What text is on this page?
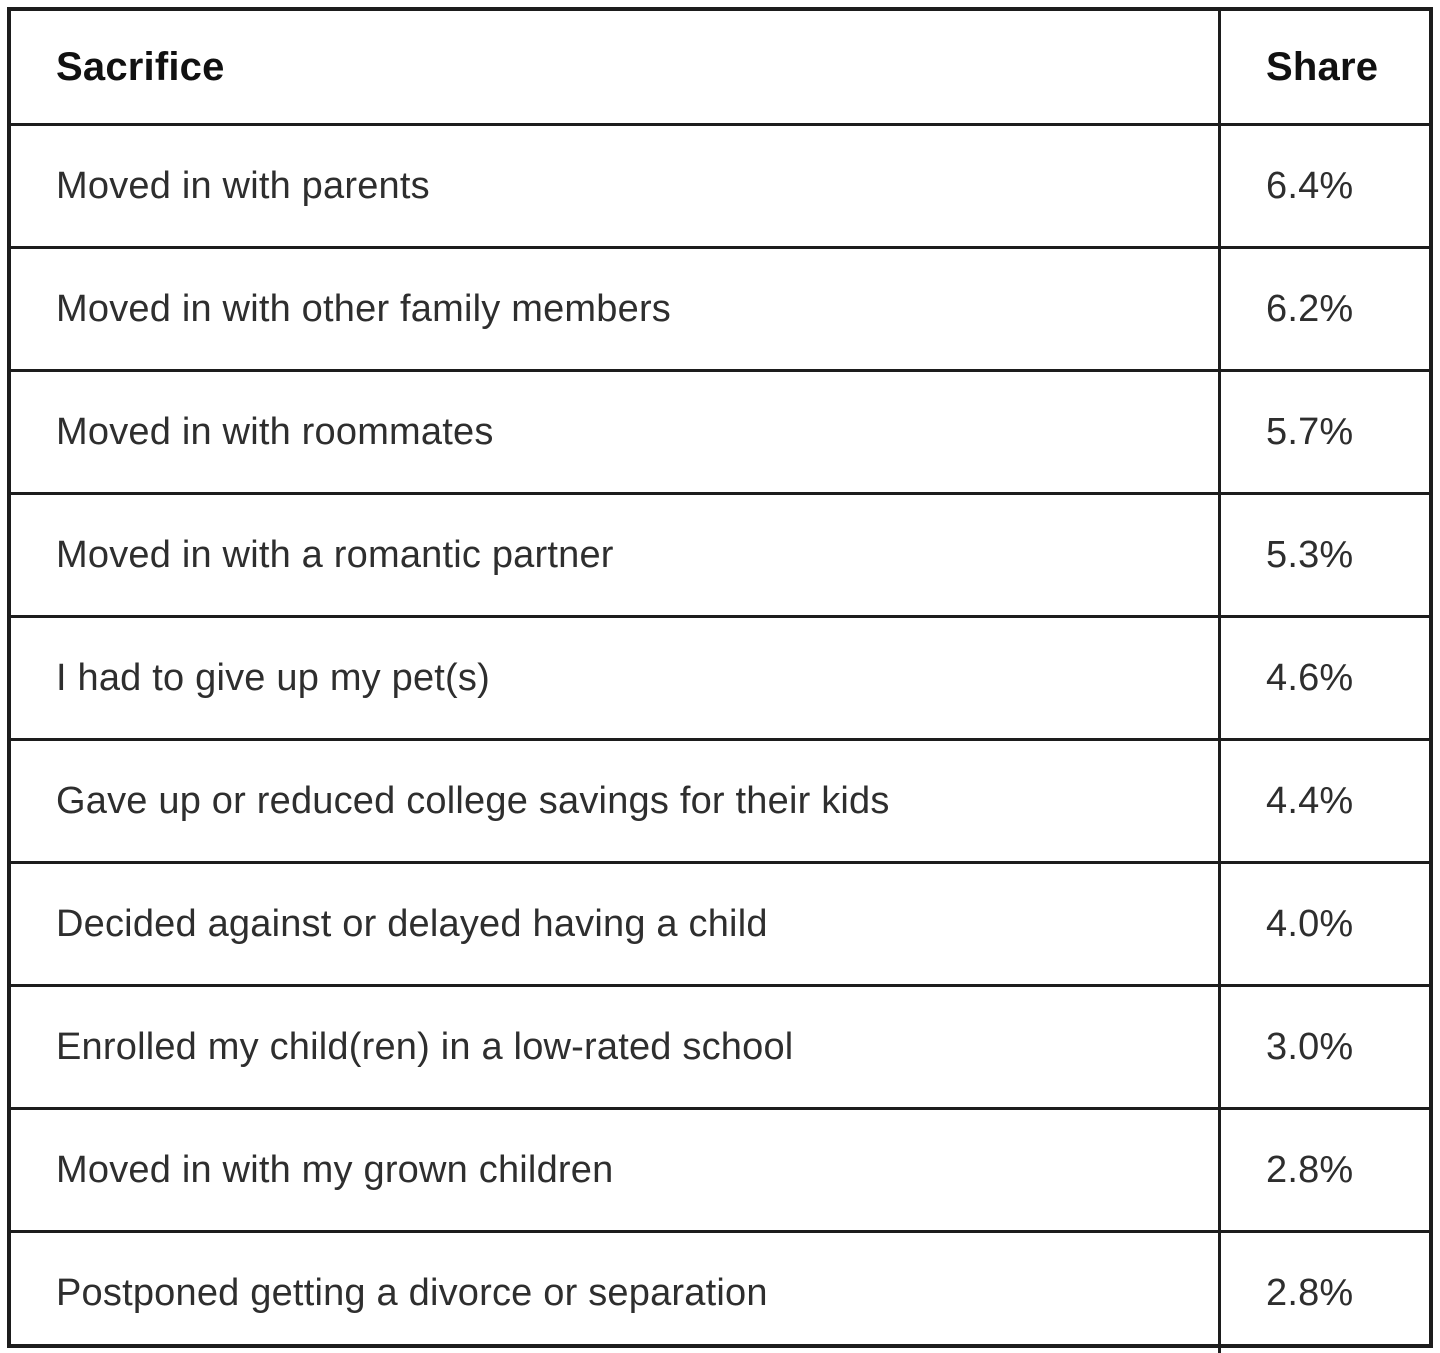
Sacrifice	Share
Moved in with parents	6.4%
Moved in with other family members	6.2%
Moved in with roommates	5.7%
Moved in with a romantic partner	5.3%
I had to give up my pet(s)	4.6%
Gave up or reduced college savings for their kids	4.4%
Decided against or delayed having a child	4.0%
Enrolled my child(ren) in a low-rated school	3.0%
Moved in with my grown children	2.8%
Postponed getting a divorce or separation	2.8%
